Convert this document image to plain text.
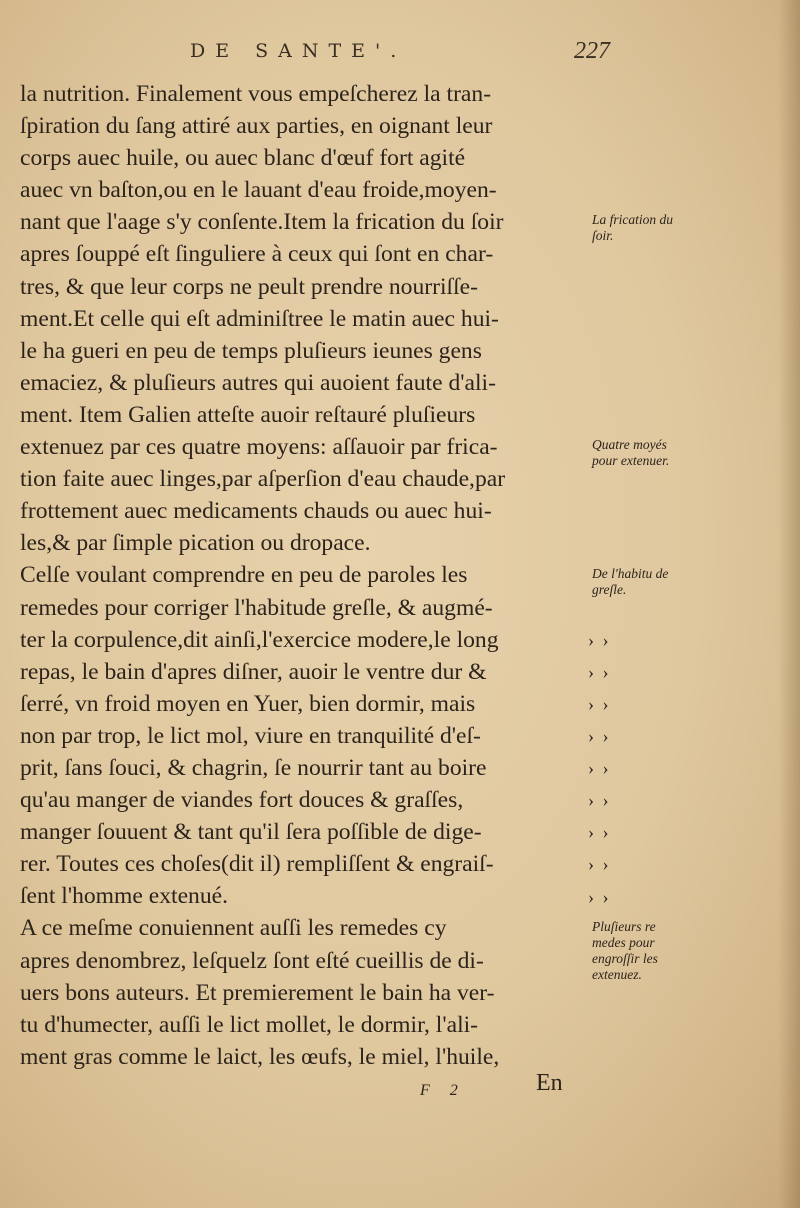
DE SANTE'.	227
la nutrition. Finalement vous empeſcherez la tran-
ſpiration du ſang attiré aux parties, en oignant leur
corps auec huile, ou auec blanc d'œuf fort agité
auec vn baſton,ou en le lauant d'eau froide,moyen-
nant que l'aage s'y conſente.Item la frication du ſoir
apres ſouppé eſt ſinguliere à ceux qui ſont en char-
tres, & que leur corps ne peult prendre nourriſſe-
ment.Et celle qui eſt adminiſtree le matin auec hui-
le ha gueri en peu de temps pluſieurs ieunes gens
emaciez, & pluſieurs autres qui auoient faute d'ali-
ment. Item Galien atteſte auoir reſtauré pluſieurs
extenuez par ces quatre moyens: aſſauoir par frica-
tion faite auec linges,par aſperſion d'eau chaude,par
frottement auec medicaments chauds ou auec hui-
les,& par ſimple pication ou dropace.
Celſe voulant comprendre en peu de paroles les
remedes pour corriger l'habitude greſle, & augmé-
ter la corpulence,dit ainſi,l'exercice modere,le long
repas, le bain d'apres diſner, auoir le ventre dur &
ſerré, vn froid moyen en Yuer, bien dormir, mais
non par trop, le lict mol, viure en tranquilité d'eſ-
prit, ſans ſouci, & chagrin, ſe nourrir tant au boire
qu'au manger de viandes fort douces & graſſes,
manger ſouuent & tant qu'il ſera poſſible de dige-
rer. Toutes ces choſes(dit il) rempliſſent & engraiſ-
ſent l'homme extenué.
A ce meſme conuiennent auſſi les remedes cy
apres denombrez, leſquelz ſont eſté cueillis de di-
uers bons auteurs. Et premierement le bain ha ver-
tu d'humecter, auſſi le lict mollet, le dormir, l'ali-
ment gras comme le laict, les œufs, le miel, l'huile,
› ›
› ›
› ›
› ›
› ›
› ›
› ›
› ›
› ›
La frication du ſoir.
Quatre moyés pour extenuer.
De l'habitu de greſle.
Pluſieurs re medes pour engroſſir les extenuez.
F 2	En
